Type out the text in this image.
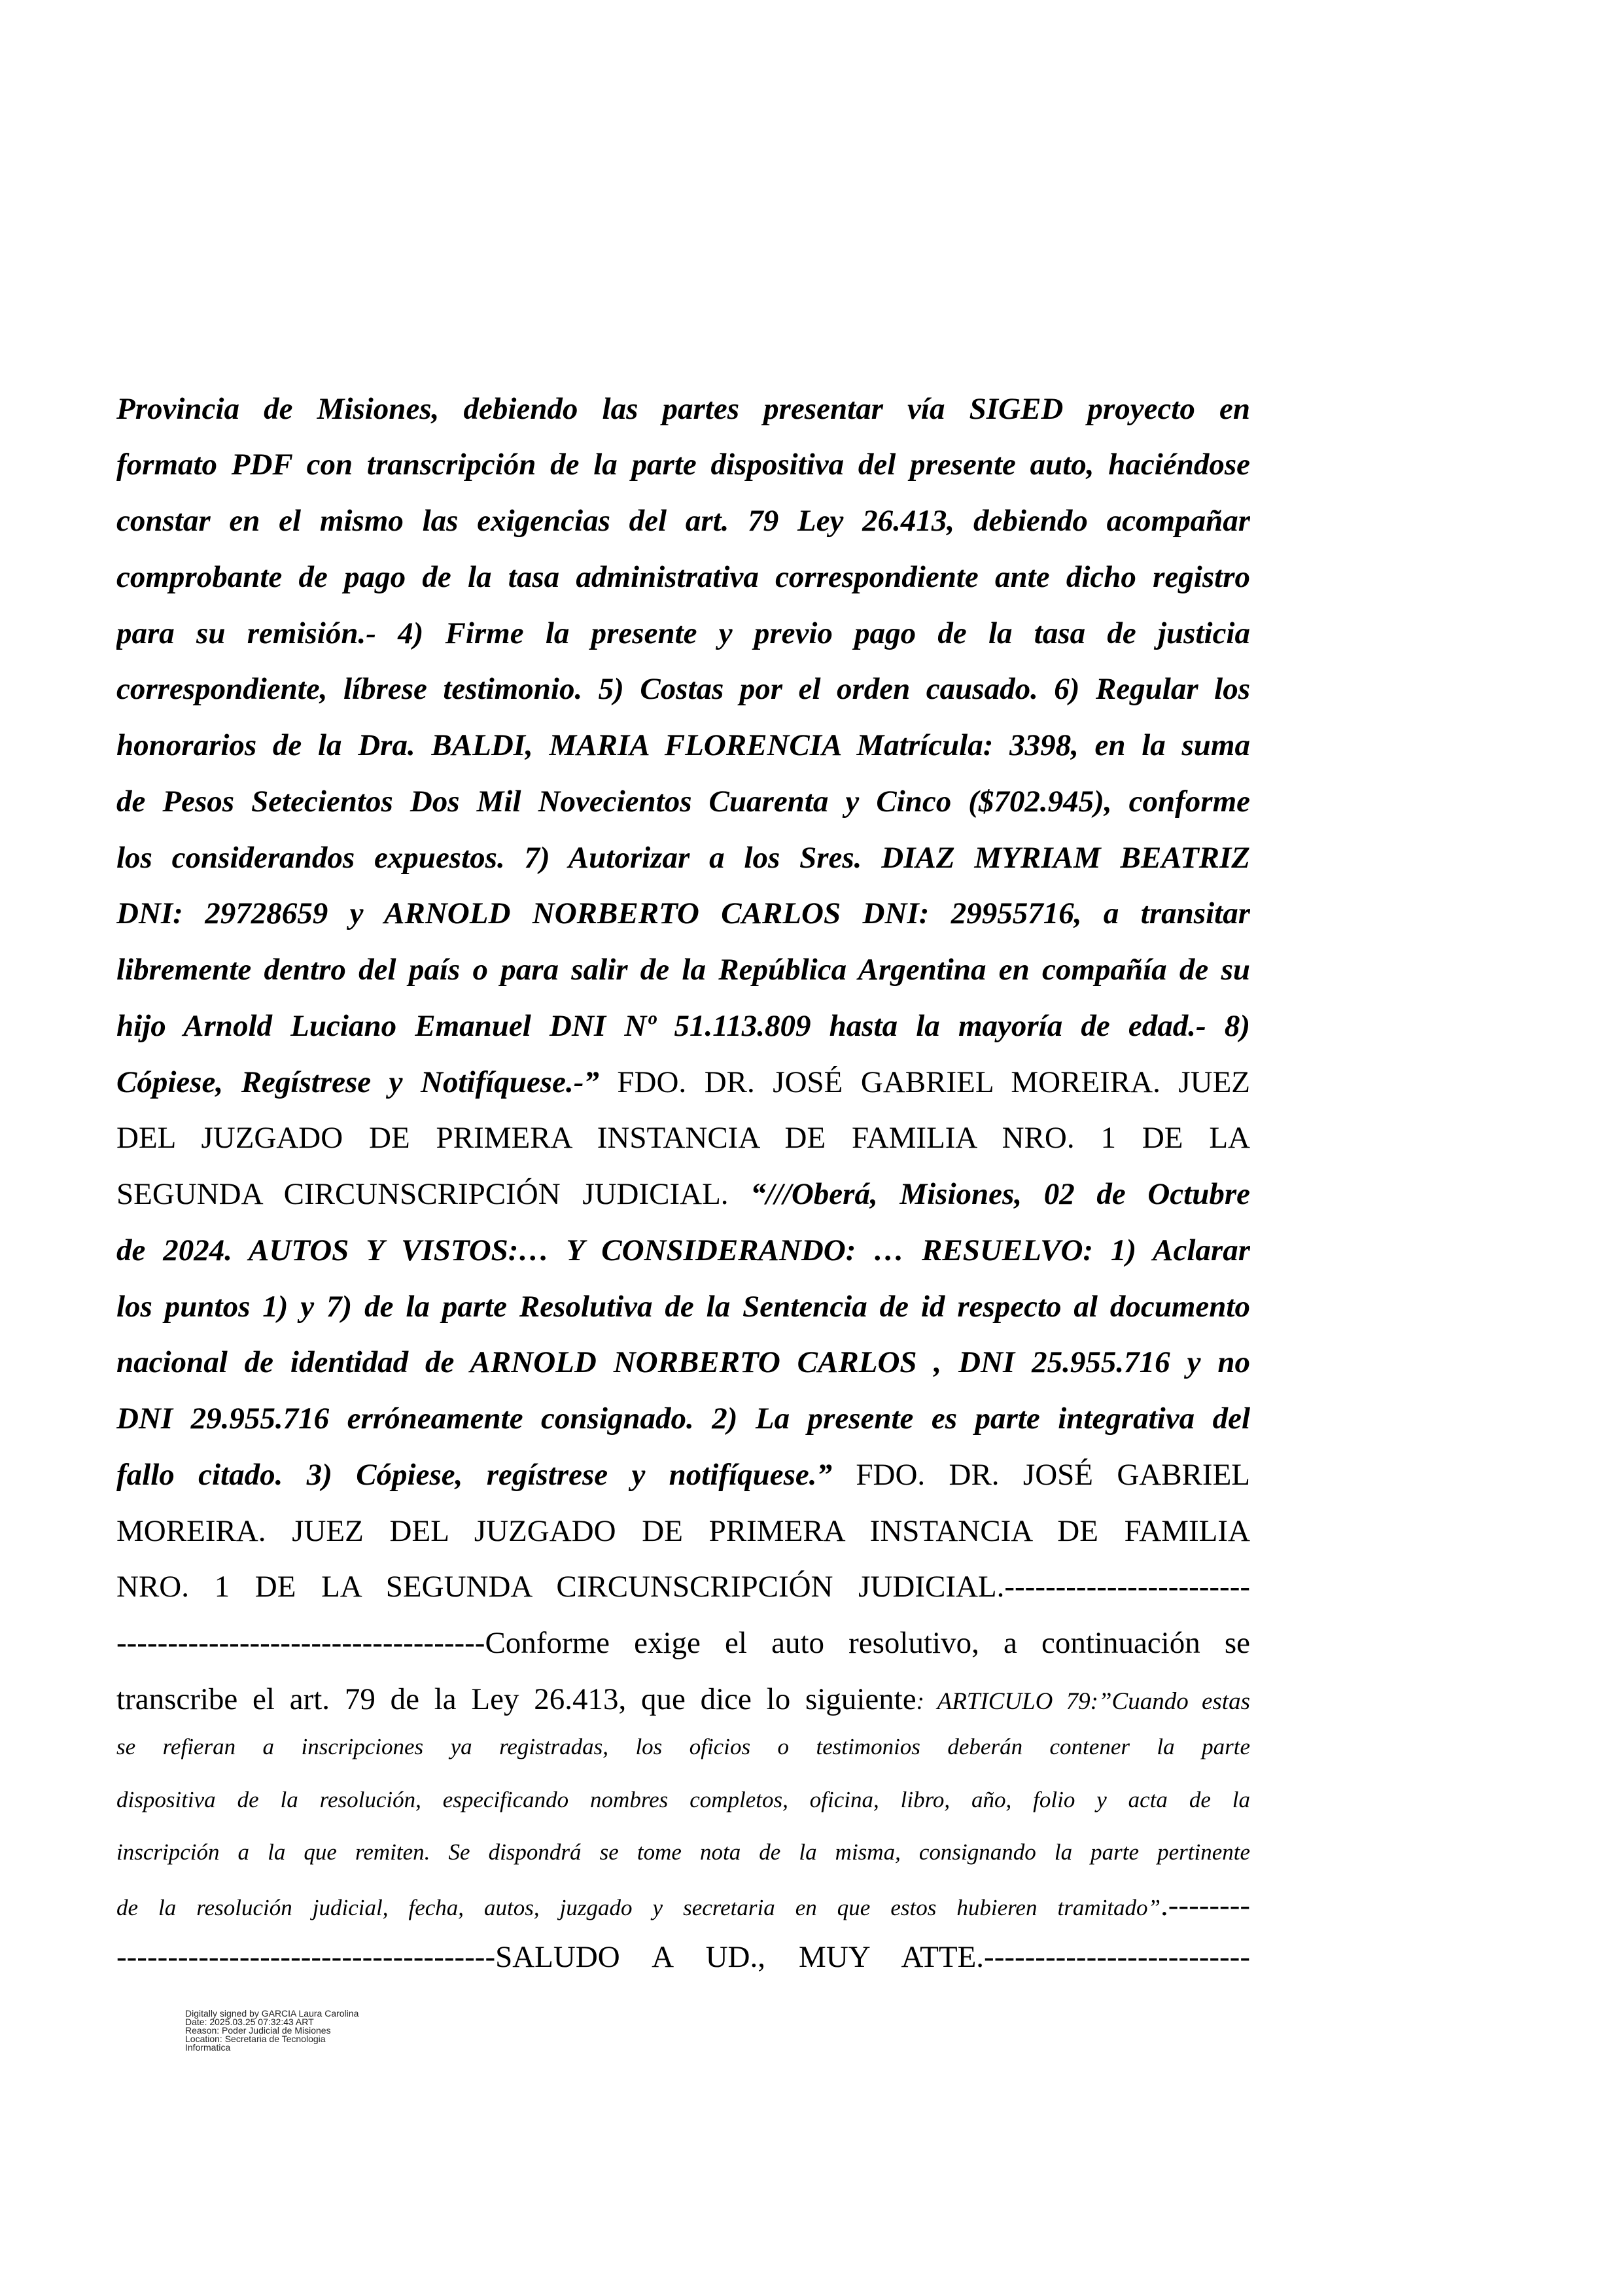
Provincia de Misiones, debiendo las partes presentar vía SIGED proyecto en

formato PDF con transcripción de la parte dispositiva del presente auto, haciéndose

constar en el mismo las exigencias del art. 79 Ley 26.413, debiendo acompañar

comprobante de pago de la tasa administrativa correspondiente ante dicho registro

para su remisión.- 4) Firme la presente y previo pago de la tasa de justicia

correspondiente, líbrese testimonio. 5) Costas por el orden causado. 6) Regular los

honorarios de la Dra. BALDI, MARIA FLORENCIA Matrícula: 3398, en la suma

de Pesos Setecientos Dos Mil Novecientos Cuarenta y Cinco ($702.945), conforme

los considerandos expuestos. 7) Autorizar a los Sres. DIAZ MYRIAM BEATRIZ

DNI: 29728659 y ARNOLD NORBERTO CARLOS DNI: 29955716, a transitar

libremente dentro del país o para salir de la República Argentina en compañía de su

hijo Arnold Luciano Emanuel DNI Nº 51.113.809 hasta la mayoría de edad.- 8)

Cópiese, Regístrese y Notifíquese.-” FDO. DR. JOSÉ GABRIEL MOREIRA. JUEZ

DEL JUZGADO DE PRIMERA INSTANCIA DE FAMILIA NRO. 1 DE LA

SEGUNDA CIRCUNSCRIPCIÓN JUDICIAL. “///Oberá, Misiones, 02 de Octubre

de 2024. AUTOS Y VISTOS:… Y CONSIDERANDO: … RESUELVO: 1) Aclarar

los puntos 1) y 7) de la parte Resolutiva de la Sentencia de id respecto al documento

nacional de identidad de ARNOLD NORBERTO CARLOS , DNI 25.955.716 y no

DNI 29.955.716 erróneamente consignado. 2) La presente es parte integrativa del

fallo citado. 3) Cópiese, regístrese y notifíquese.” FDO. DR. JOSÉ GABRIEL

MOREIRA. JUEZ DEL JUZGADO DE PRIMERA INSTANCIA DE FAMILIA

NRO. 1 DE LA SEGUNDA CIRCUNSCRIPCIÓN JUDICIAL.------------------------

------------------------------------Conforme exige el auto resolutivo, a continuación se

transcribe el art. 79 de la Ley 26.413, que dice lo siguiente: ARTICULO 79:”Cuando estas

se refieran a inscripciones ya registradas, los oficios o testimonios deberán contener la parte

dispositiva de la resolución, especificando nombres completos, oficina, libro, año, folio y acta de la

inscripción a la que remiten. Se dispondrá se tome nota de la misma, consignando la parte pertinente

de la resolución judicial, fecha, autos, juzgado y secretaria en que estos hubieren tramitado”.--------

-------------------------------------SALUDO A UD., MUY ATTE.--------------------------

Digitally signed by GARCIA Laura Carolina
Date: 2025.03.25 07:32:43 ART
Reason: Poder Judicial de Misiones
Location: Secretaria de Tecnologia
Informatica
